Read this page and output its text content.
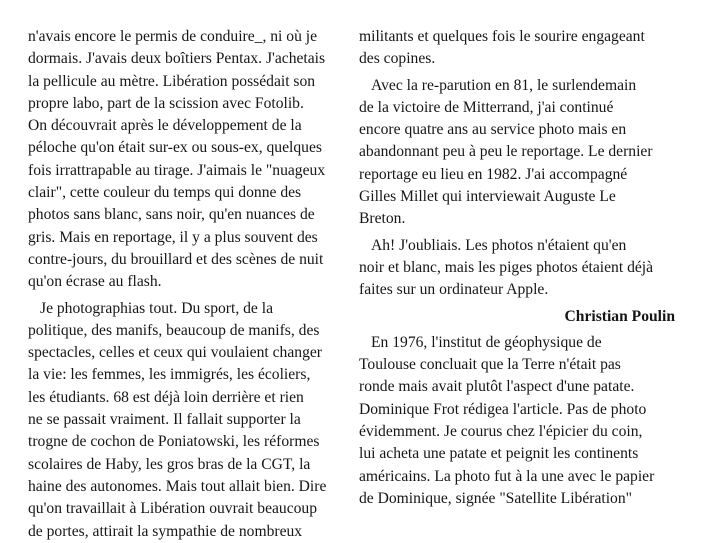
n'avais encore le permis de conduire_, ni où je
dormais. J'avais deux boîtiers Pentax. J'achetais
la pellicule au mètre. Libération possédait son
propre labo, part de la scission avec Fotolib.
On découvrait après le développement de la
péloche qu'on était sur-ex ou sous-ex, quelques
fois irrattrapable au tirage. J'aimais le "nuageux
clair", cette couleur du temps qui donne des
photos sans blanc, sans noir, qu'en nuances de
gris. Mais en reportage, il y a plus souvent des
contre-jours, du brouillard et des scènes de nuit
qu'on écrase au flash.
Je photographias tout. Du sport, de la
politique, des manifs, beaucoup de manifs, des
spectacles, celles et ceux qui voulaient changer
la vie: les femmes, les immigrés, les écoliers,
les étudiants. 68 est déjà loin derrière et rien
ne se passait vraiment. Il fallait supporter la
trogne de cochon de Poniatowski, les réformes
scolaires de Haby, les gros bras de la CGT, la
haine des autonomes. Mais tout allait bien. Dire
qu'on travaillait à Libération ouvrait beaucoup
de portes, attirait la sympathie de nombreux
militants et quelques fois le sourire engageant
des copines.
Avec la re-parution en 81, le surlendemain
de la victoire de Mitterrand, j'ai continué
encore quatre ans au service photo mais en
abandonnant peu à peu le reportage. Le dernier
reportage eu lieu en 1982. J'ai accompagné
Gilles Millet qui interviewait Auguste Le
Breton.
Ah! J'oubliais. Les photos n'étaient qu'en
noir et blanc, mais les piges photos étaient déjà
faites sur un ordinateur Apple.
Christian Poulin
En 1976, l'institut de géophysique de
Toulouse concluait que la Terre n'était pas
ronde mais avait plutôt l'aspect d'une patate.
Dominique Frot rédigea l'article. Pas de photo
évidemment. Je courus chez l'épicier du coin,
lui acheta une patate et peignit les continents
américains. La photo fut à la une avec le papier
de Dominique, signée "Satellite Libération"
